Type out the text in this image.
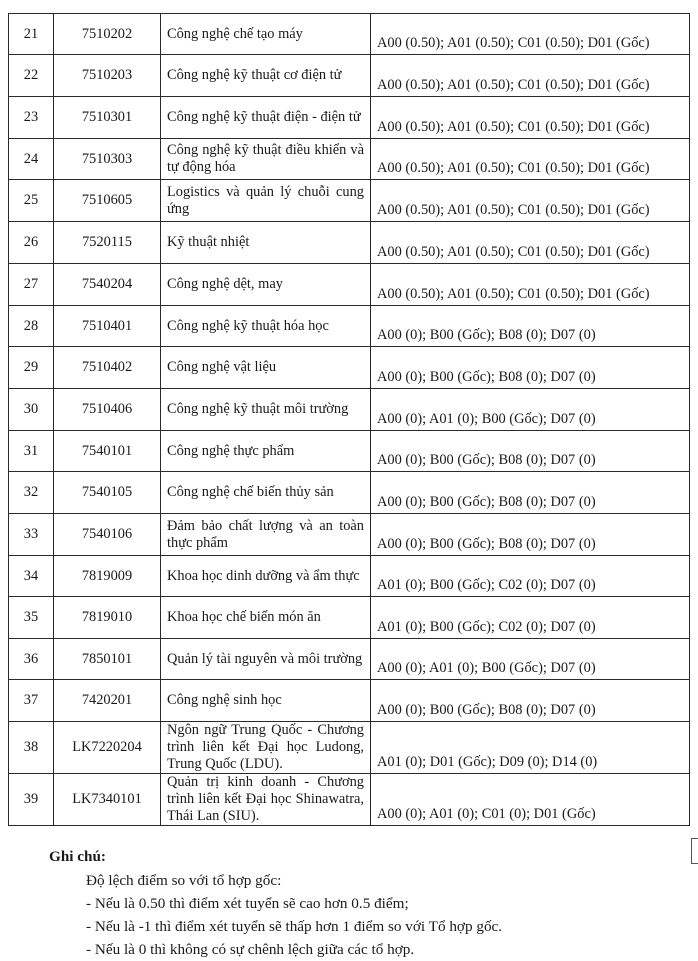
21	7510202	Công nghệ chế tạo máy	A00 (0.50); A01 (0.50); C01 (0.50); D01 (Gốc)
22	7510203	Công nghệ kỹ thuật cơ điện tử	A00 (0.50); A01 (0.50); C01 (0.50); D01 (Gốc)
23	7510301	Công nghệ kỹ thuật điện - điện tử	A00 (0.50); A01 (0.50); C01 (0.50); D01 (Gốc)
24	7510303	Công nghệ kỹ thuật điều khiển và tự động hóa	A00 (0.50); A01 (0.50); C01 (0.50); D01 (Gốc)
25	7510605	Logistics và quản lý chuỗi cung ứng	A00 (0.50); A01 (0.50); C01 (0.50); D01 (Gốc)
26	7520115	Kỹ thuật nhiệt	A00 (0.50); A01 (0.50); C01 (0.50); D01 (Gốc)
27	7540204	Công nghệ dệt, may	A00 (0.50); A01 (0.50); C01 (0.50); D01 (Gốc)
28	7510401	Công nghệ kỹ thuật hóa học	A00 (0); B00 (Gốc); B08 (0); D07 (0)
29	7510402	Công nghệ vật liệu	A00 (0); B00 (Gốc); B08 (0); D07 (0)
30	7510406	Công nghệ kỹ thuật môi trường	A00 (0); A01 (0); B00 (Gốc); D07 (0)
31	7540101	Công nghệ thực phẩm	A00 (0); B00 (Gốc); B08 (0); D07 (0)
32	7540105	Công nghệ chế biến thủy sản	A00 (0); B00 (Gốc); B08 (0); D07 (0)
33	7540106	Đảm bảo chất lượng và an toàn thực phẩm	A00 (0); B00 (Gốc); B08 (0); D07 (0)
34	7819009	Khoa học dinh dưỡng và ẩm thực	A01 (0); B00 (Gốc); C02 (0); D07 (0)
35	7819010	Khoa học chế biến món ăn	A01 (0); B00 (Gốc); C02 (0); D07 (0)
36	7850101	Quản lý tài nguyên và môi trường	A00 (0); A01 (0); B00 (Gốc); D07 (0)
37	7420201	Công nghệ sinh học	A00 (0); B00 (Gốc); B08 (0); D07 (0)
38	LK7220204	Ngôn ngữ Trung Quốc - Chương trình liên kết Đại học Ludong, Trung Quốc (LDU).	A01 (0); D01 (Gốc); D09 (0); D14 (0)
39	LK7340101	Quản trị kinh doanh - Chương trình liên kết Đại học Shinawatra, Thái Lan (SIU).	A00 (0); A01 (0); C01 (0); D01 (Gốc)
Ghi chú:
Độ lệch điểm so với tổ hợp gốc:
- Nếu là 0.50 thì điểm xét tuyển sẽ cao hơn 0.5 điểm;
- Nếu là -1 thì điểm xét tuyển sẽ thấp hơn 1 điểm so với Tổ hợp gốc.
- Nếu là 0 thì không có sự chênh lệch giữa các tổ hợp.
